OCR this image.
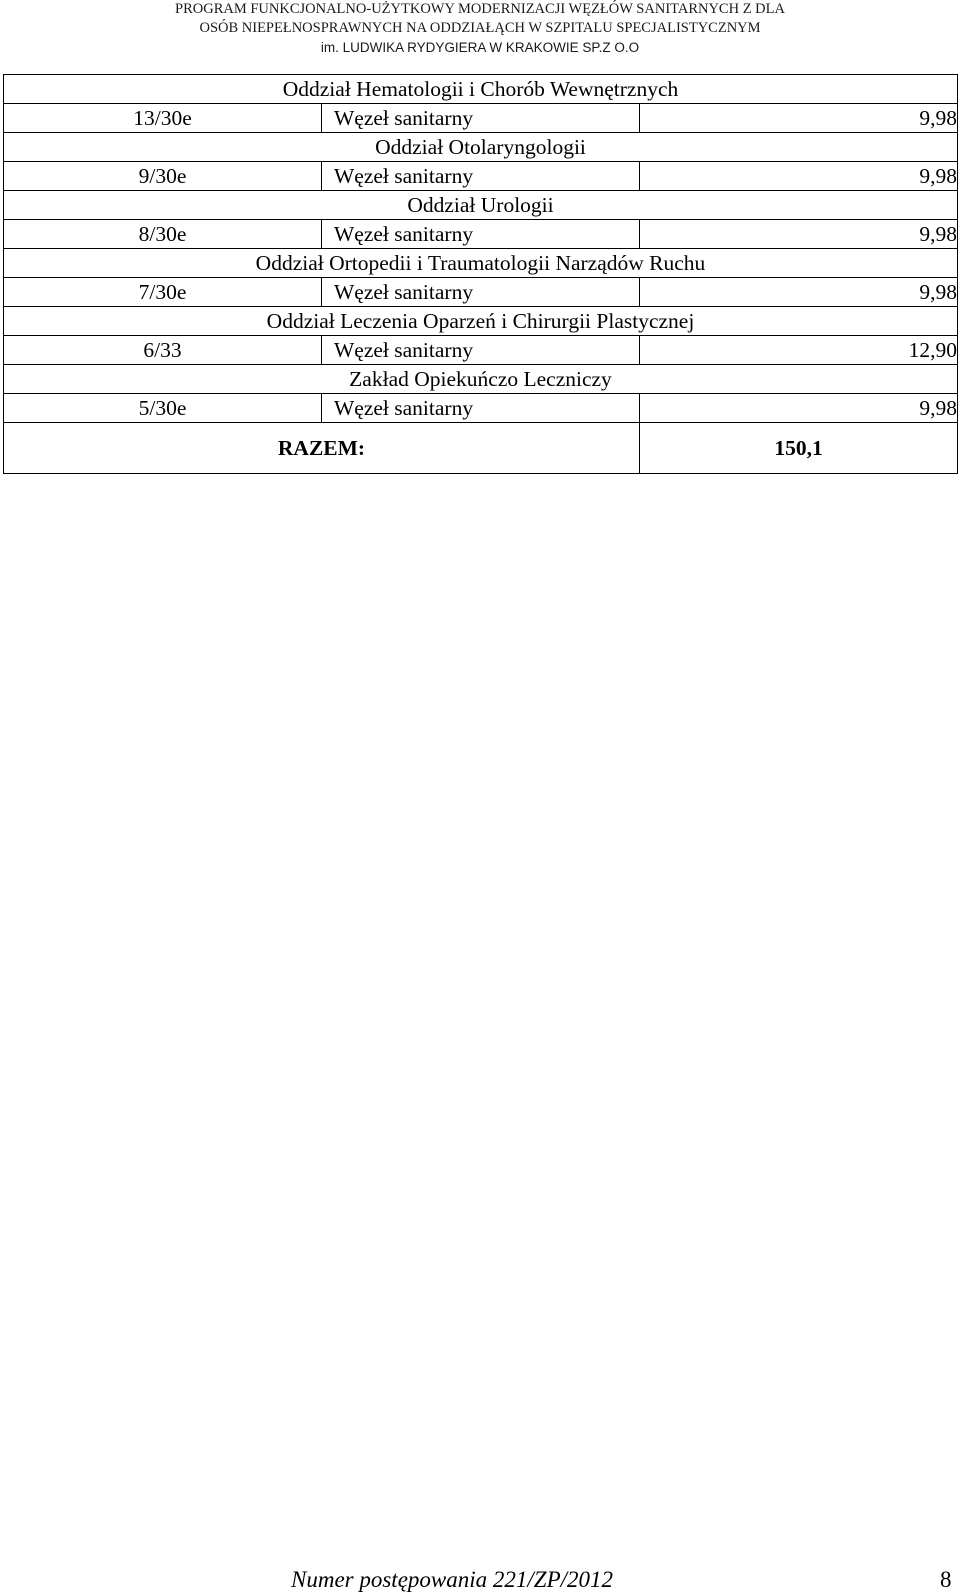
PROGRAM FUNKCJONALNO-UŻYTKOWY MODERNIZACJI WĘZŁÓW SANITARNYCH Z DLA
OSÓB NIEPEŁNOSPRAWNYCH NA ODDZIAŁĄCH W SZPITALU SPECJALISTYCZNYM
im. LUDWIKA RYDYGIERA W KRAKOWIE SP.Z O.O
Oddział Hematologii i Chorób Wewnętrznych		
13/30e	Węzeł sanitarny	9,98
Oddział Otolaryngologii		
9/30e	Węzeł sanitarny	9,98
Oddział Urologii		
8/30e	Węzeł sanitarny	9,98
Oddział Ortopedii i Traumatologii Narządów Ruchu		
7/30e	Węzeł sanitarny	9,98
Oddział Leczenia Oparzeń i Chirurgii Plastycznej		
6/33	Węzeł sanitarny	12,90
Zakład Opiekuńczo Leczniczy		
5/30e	Węzeł sanitarny	9,98
RAZEM:		150,1
Numer postępowania 221/ZP/2012	8
